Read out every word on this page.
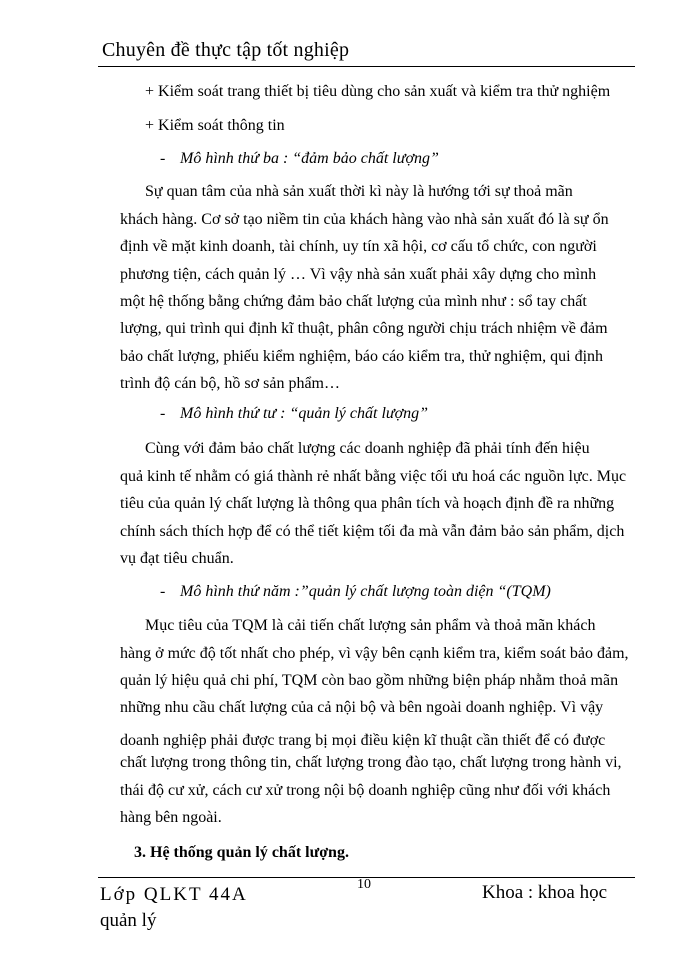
Chuyên đề thực tập tốt nghiệp
+ Kiểm soát trang thiết bị tiêu dùng cho sản xuất và kiểm tra thử nghiệm
+ Kiểm soát thông tin
- Mô hình thứ ba : “đảm bảo chất lượng”
Sự quan tâm của nhà sản xuất thời kì này là hướng tới sự thoả mãn
khách hàng. Cơ sở tạo niềm tin của khách hàng vào nhà sản xuất đó là sự ổn
định về mặt kinh doanh, tài chính, uy tín xã hội, cơ cấu tổ chức, con người
phương tiện, cách quản lý … Vì vậy nhà sản xuất phải xây dựng cho mình
một hệ thống bằng chứng đảm bảo chất lượng của mình như : sổ tay chất
lượng, qui trình qui định kĩ thuật, phân công người chịu trách nhiệm về đảm
bảo chất lượng, phiếu kiểm nghiệm, báo cáo kiểm tra, thử nghiệm, qui định
trình độ cán bộ, hồ sơ sản phẩm…
- Mô hình thứ tư : “quản lý chất lượng”
Cùng với đảm bảo chất lượng các doanh nghiệp đã phải tính đến hiệu
quả kinh tế nhằm có giá thành rẻ nhất bằng việc tối ưu hoá các nguồn lực. Mục
tiêu của quản lý chất lượng là thông qua phân tích và hoạch định đề ra những
chính sách thích hợp để có thể tiết kiệm tối đa mà vẫn đảm bảo sản phẩm, dịch
vụ đạt tiêu chuẩn.
- Mô hình thứ năm :”quản lý chất lượng toàn diện “(TQM)
Mục tiêu của TQM là cải tiến chất lượng sản phẩm và thoả mãn khách
hàng ở mức độ tốt nhất cho phép, vì vậy bên cạnh kiểm tra, kiểm soát bảo đảm,
quản lý hiệu quả chi phí, TQM còn bao gồm những biện pháp nhằm thoả mãn
những nhu cầu chất lượng của cả nội bộ và bên ngoài doanh nghiệp. Vì vậy
doanh nghiệp phải được trang bị mọi điều kiện kĩ thuật cần thiết để có được
chất lượng trong thông tin, chất lượng trong đào tạo, chất lượng trong hành vi,
thái độ cư xử, cách cư xử trong nội bộ doanh nghiệp cũng như đối với khách
hàng bên ngoài.
3. Hệ thống quản lý chất lượng.
10
Lớp QLKT 44A
quản lý
Khoa : khoa học
